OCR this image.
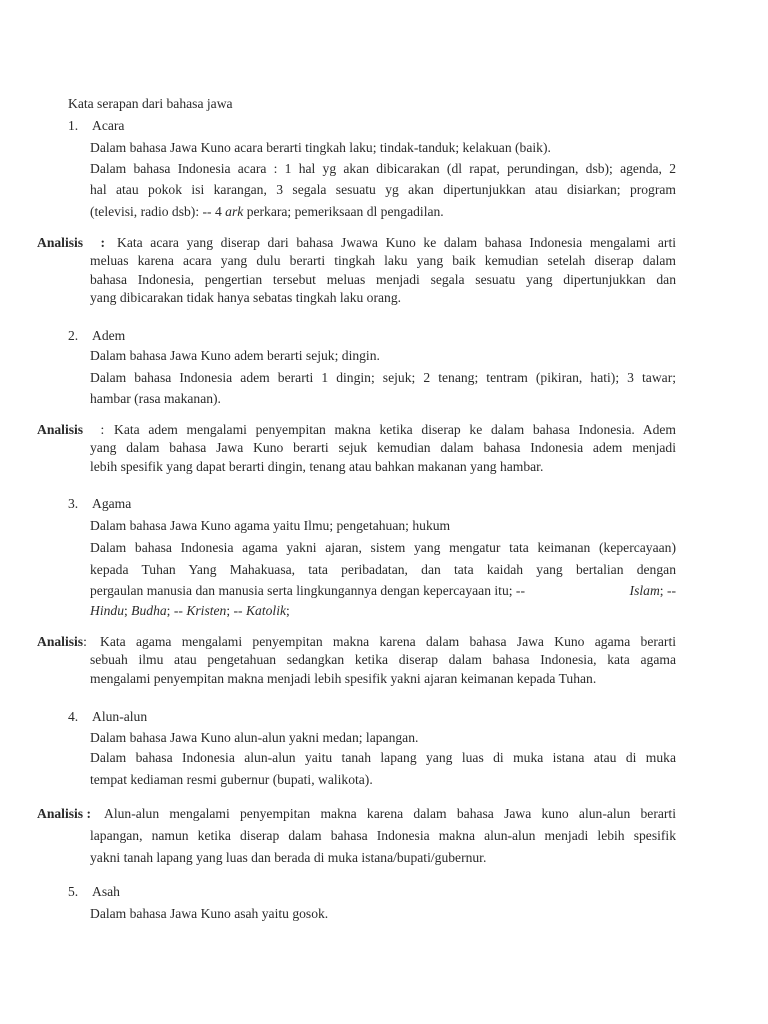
Kata serapan dari bahasa jawa
1. Acara
Dalam bahasa Jawa Kuno acara berarti tingkah laku; tindak-tanduk; kelakuan (baik).
Dalam bahasa Indonesia acara : 1 hal yg akan dibicarakan (dl rapat, perundingan, dsb); agenda, 2
hal atau pokok isi karangan, 3 segala sesuatu yg akan dipertunjukkan atau disiarkan; program
(televisi, radio dsb): -- 4 ark perkara; pemeriksaan dl pengadilan.
Analisis : Kata acara yang diserap dari bahasa Jwawa Kuno ke dalam bahasa Indonesia mengalami arti
meluas karena acara yang dulu berarti tingkah laku yang baik kemudian setelah diserap dalam
bahasa Indonesia, pengertian tersebut meluas menjadi segala sesuatu yang dipertunjukkan dan
yang dibicarakan tidak hanya sebatas tingkah laku orang.
2. Adem
Dalam bahasa Jawa Kuno adem berarti sejuk; dingin.
Dalam bahasa Indonesia adem berarti 1 dingin; sejuk; 2 tenang; tentram (pikiran, hati); 3 tawar;
hambar (rasa makanan).
Analisis : Kata adem mengalami penyempitan makna ketika diserap ke dalam bahasa Indonesia. Adem
yang dalam bahasa Jawa Kuno berarti sejuk kemudian dalam bahasa Indonesia adem menjadi
lebih spesifik yang dapat berarti dingin, tenang atau bahkan makanan yang hambar.
3. Agama
Dalam bahasa Jawa Kuno agama yaitu Ilmu; pengetahuan; hukum
Dalam bahasa Indonesia agama yakni ajaran, sistem yang mengatur tata keimanan (kepercayaan)
kepada Tuhan Yang Mahakuasa, tata peribadatan, dan tata kaidah yang bertalian dengan
pergaulan manusia dan manusia serta lingkungannya dengan kepercayaan itu; --	Islam; --
Hindu; Budha; -- Kristen; -- Katolik;
Analisis: Kata agama mengalami penyempitan makna karena dalam bahasa Jawa Kuno agama berarti
sebuah ilmu atau pengetahuan sedangkan ketika diserap dalam bahasa Indonesia, kata agama
mengalami penyempitan makna menjadi lebih spesifik yakni ajaran keimanan kepada Tuhan.
4. Alun-alun
Dalam bahasa Jawa Kuno alun-alun yakni medan; lapangan.
Dalam bahasa Indonesia alun-alun yaitu tanah lapang yang luas di muka istana atau di muka
tempat kediaman resmi gubernur (bupati, walikota).
Analisis : Alun-alun mengalami penyempitan makna karena dalam bahasa Jawa kuno alun-alun berarti
lapangan, namun ketika diserap dalam bahasa Indonesia makna alun-alun menjadi lebih spesifik
yakni tanah lapang yang luas dan berada di muka istana/bupati/gubernur.
5. Asah
Dalam bahasa Jawa Kuno asah yaitu gosok.
